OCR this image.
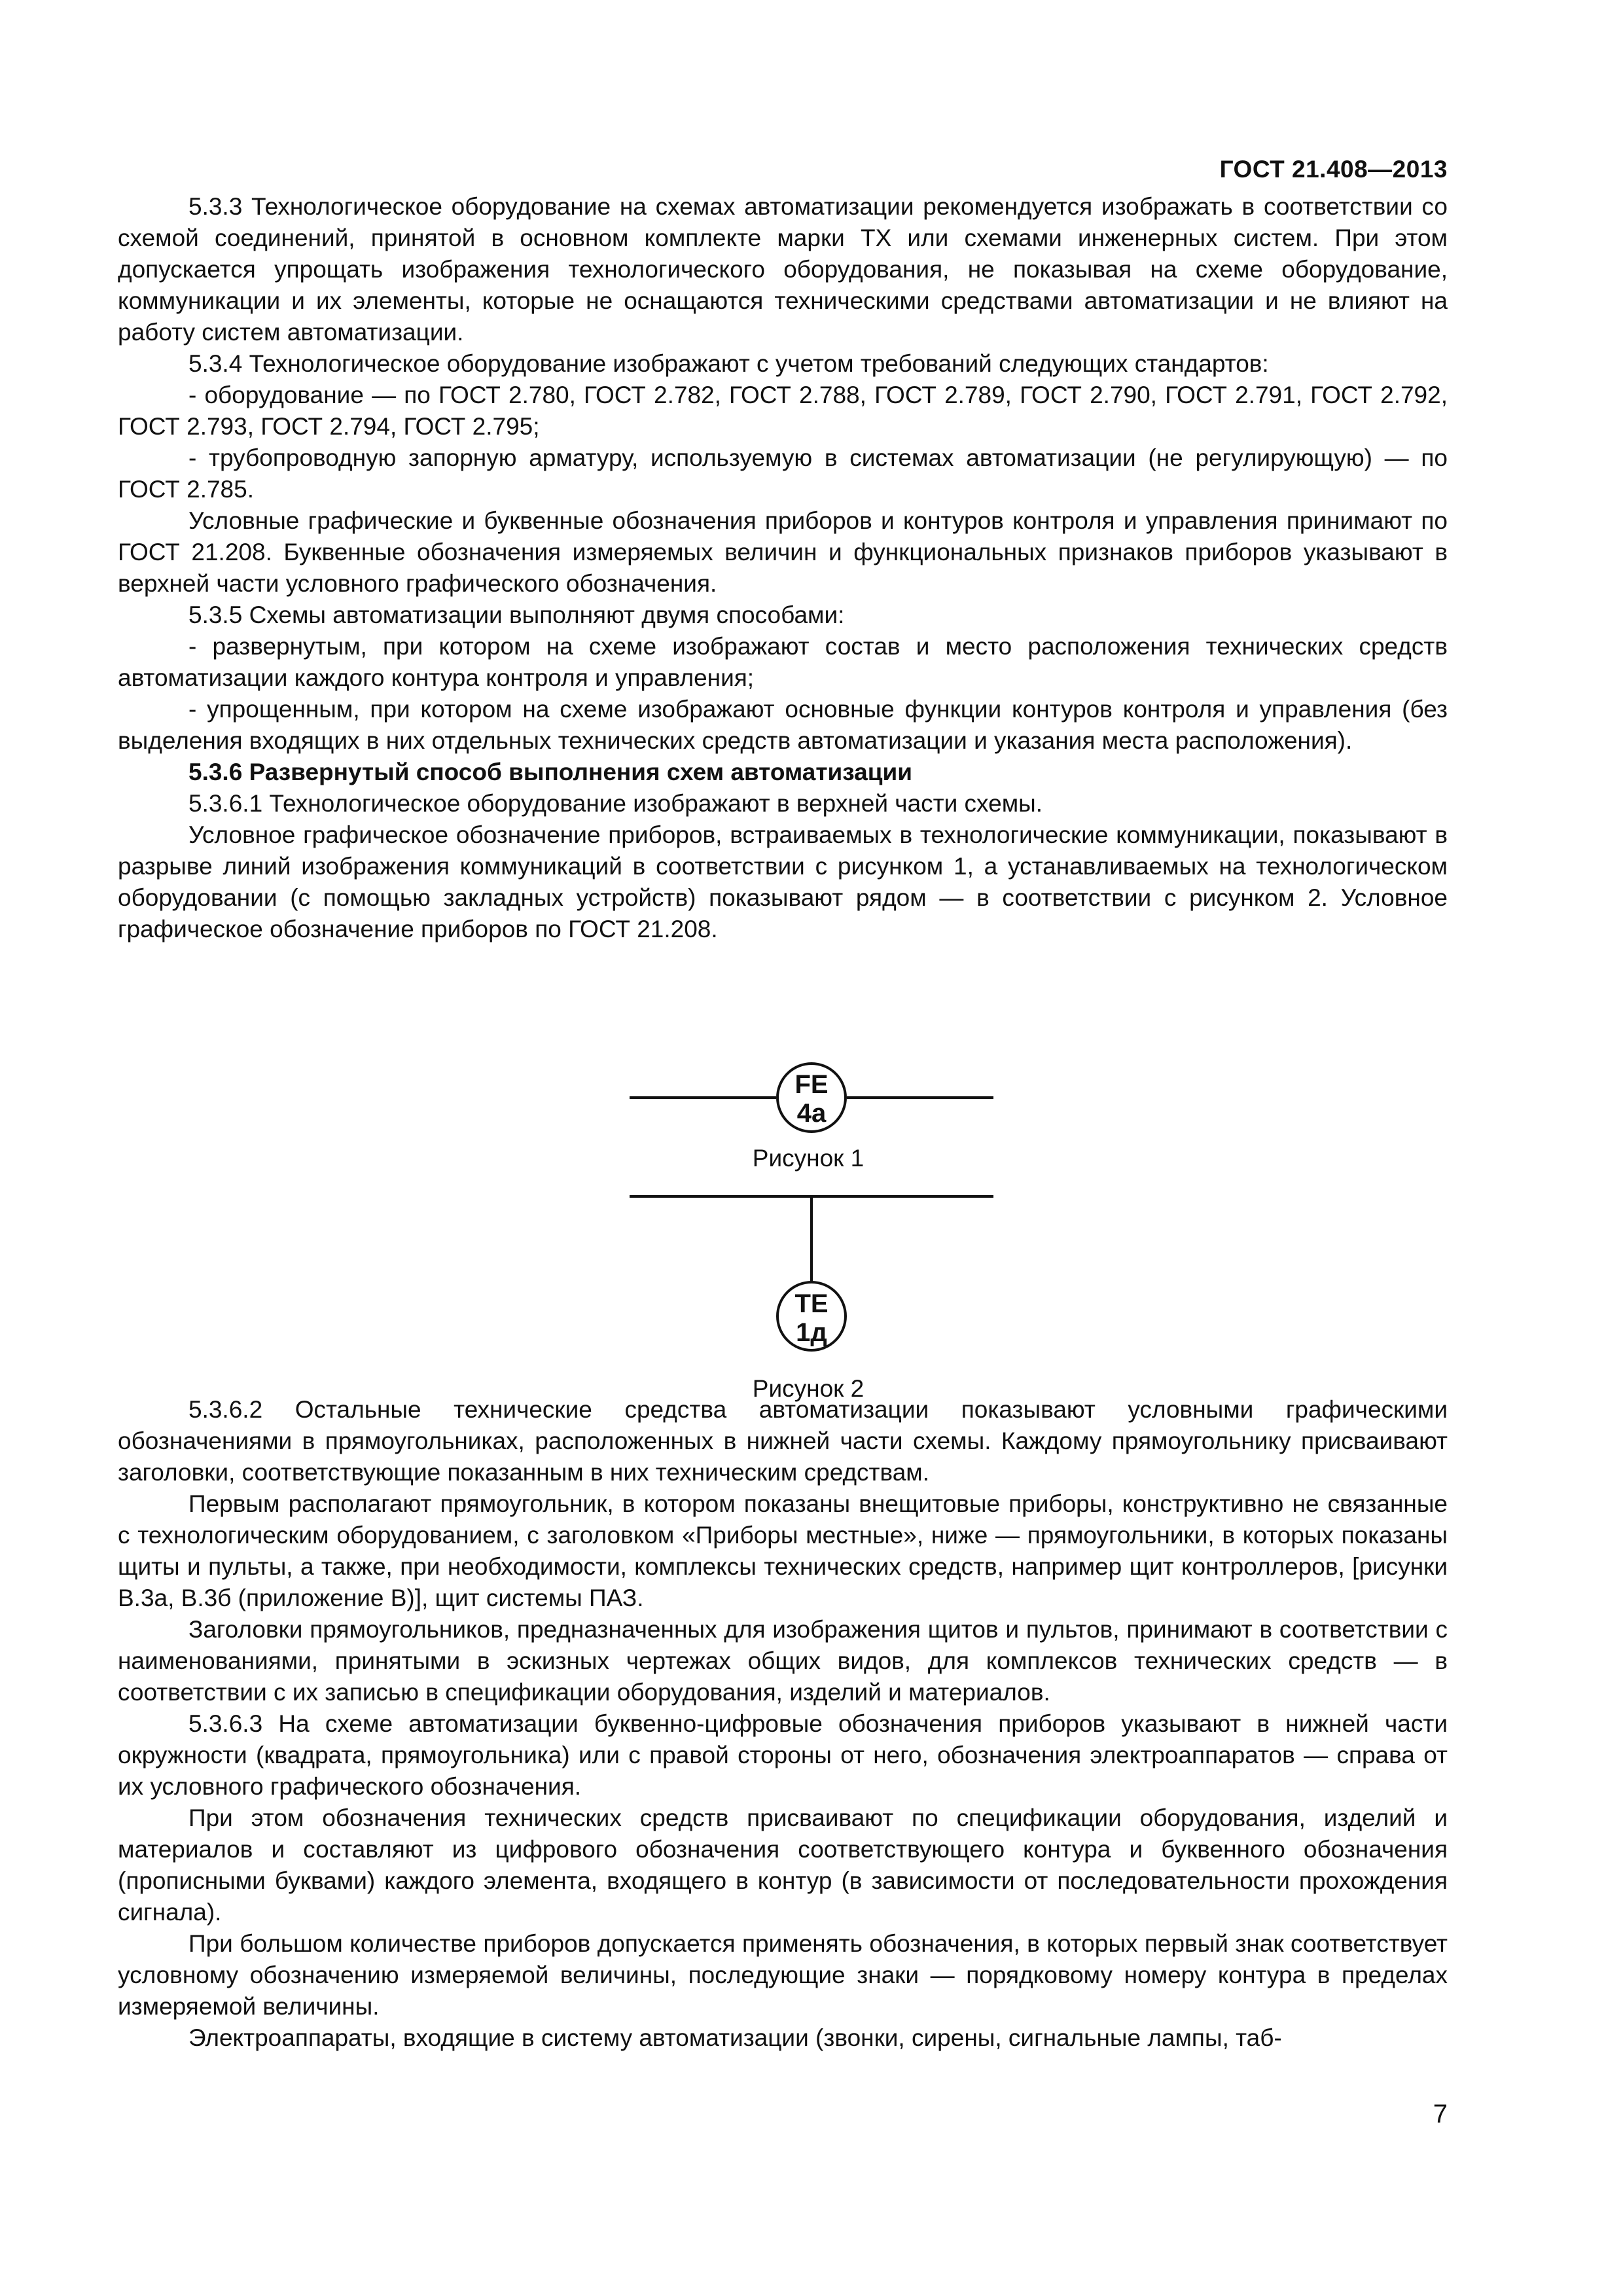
ГОСТ 21.408—2013

5.3.3 Технологическое оборудование на схемах автоматизации рекомендуется изображать в соответствии со схемой соединений, принятой в основном комплекте марки ТХ или схемами инженерных систем. При этом допускается упрощать изображения технологического оборудования, не показывая на схеме оборудование, коммуникации и их элементы, которые не оснащаются техническими средствами автоматизации и не влияют на работу систем автоматизации.

5.3.4 Технологическое оборудование изображают с учетом требований следующих стандартов:

- оборудование — по ГОСТ 2.780, ГОСТ 2.782, ГОСТ 2.788, ГОСТ 2.789, ГОСТ 2.790, ГОСТ 2.791, ГОСТ 2.792, ГОСТ 2.793, ГОСТ 2.794, ГОСТ 2.795;

- трубопроводную запорную арматуру, используемую в системах автоматизации (не регулирующую) — по ГОСТ 2.785.

Условные графические и буквенные обозначения приборов и контуров контроля и управления принимают по ГОСТ 21.208. Буквенные обозначения измеряемых величин и функциональных признаков приборов указывают в верхней части условного графического обозначения.

5.3.5 Схемы автоматизации выполняют двумя способами:

- развернутым, при котором на схеме изображают состав и место расположения технических средств автоматизации каждого контура контроля и управления;

- упрощенным, при котором на схеме изображают основные функции контуров контроля и управления (без выделения входящих в них отдельных технических средств автоматизации и указания места расположения).

5.3.6 Развернутый способ выполнения схем автоматизации

5.3.6.1 Технологическое оборудование изображают в верхней части схемы.

Условное графическое обозначение приборов, встраиваемых в технологические коммуникации, показывают в разрыве линий изображения коммуникаций в соответствии с рисунком 1, а устанавливаемых на технологическом оборудовании (с помощью закладных устройств) показывают рядом — в соответствии с рисунком 2. Условное графическое обозначение приборов по ГОСТ 21.208.

FE
4а
Рисунок 1
ТЕ
1д
Рисунок 2

5.3.6.2 Остальные технические средства автоматизации показывают условными графическими обозначениями в прямоугольниках, расположенных в нижней части схемы. Каждому прямоугольнику присваивают заголовки, соответствующие показанным в них техническим средствам.

Первым располагают прямоугольник, в котором показаны внещитовые приборы, конструктивно не связанные с технологическим оборудованием, с заголовком «Приборы местные», ниже — прямоугольники, в которых показаны щиты и пульты, а также, при необходимости, комплексы технических средств, например щит контроллеров, [рисунки В.3а, В.3б (приложение В)], щит системы ПАЗ.

Заголовки прямоугольников, предназначенных для изображения щитов и пультов, принимают в соответствии с наименованиями, принятыми в эскизных чертежах общих видов, для комплексов технических средств — в соответствии с их записью в спецификации оборудования, изделий и материалов.

5.3.6.3 На схеме автоматизации буквенно-цифровые обозначения приборов указывают в нижней части окружности (квадрата, прямоугольника) или с правой стороны от него, обозначения электроаппаратов — справа от их условного графического обозначения.

При этом обозначения технических средств присваивают по спецификации оборудования, изделий и материалов и составляют из цифрового обозначения соответствующего контура и буквенного обозначения (прописными буквами) каждого элемента, входящего в контур (в зависимости от последовательности прохождения сигнала).

При большом количестве приборов допускается применять обозначения, в которых первый знак соответствует условному обозначению измеряемой величины, последующие знаки — порядковому номеру контура в пределах измеряемой величины.

Электроаппараты, входящие в систему автоматизации (звонки, сирены, сигнальные лампы, таб-

7
